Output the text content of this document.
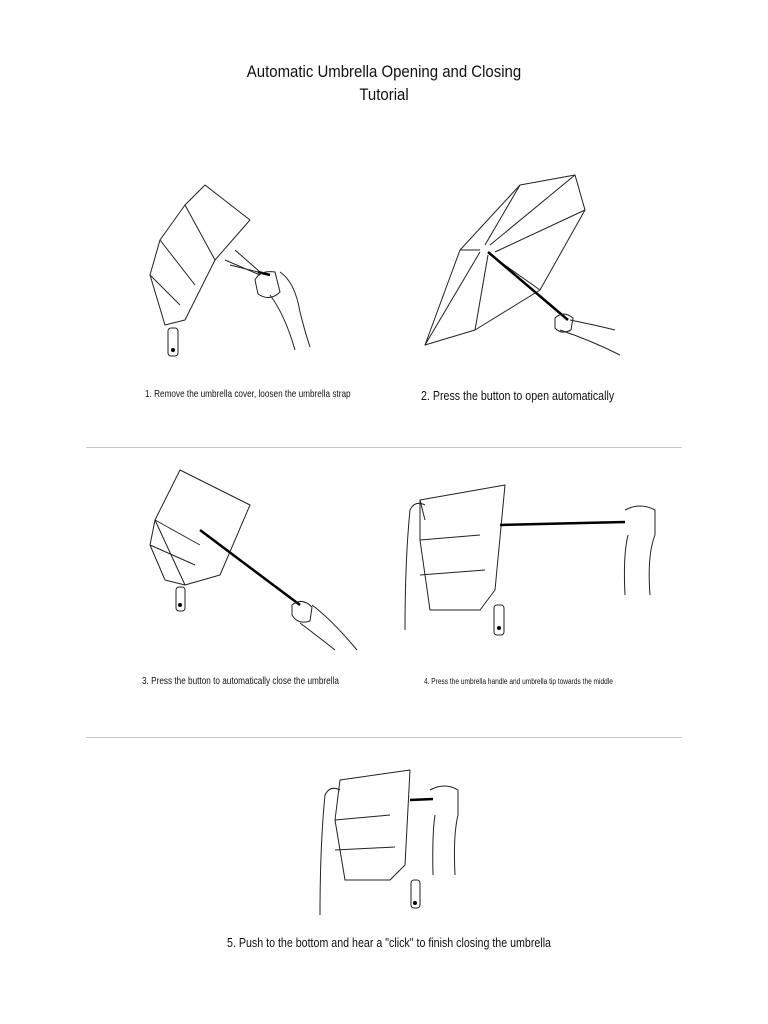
Automatic Umbrella Opening and Closing
Tutorial
1. Remove the umbrella cover, loosen the umbrella strap	2. Press the button to open automatically
3. Press the button to automatically close the umbrella	4. Press the umbrella handle and umbrella tip towards the middle
5. Push to the bottom and hear a "click" to finish closing the umbrella
